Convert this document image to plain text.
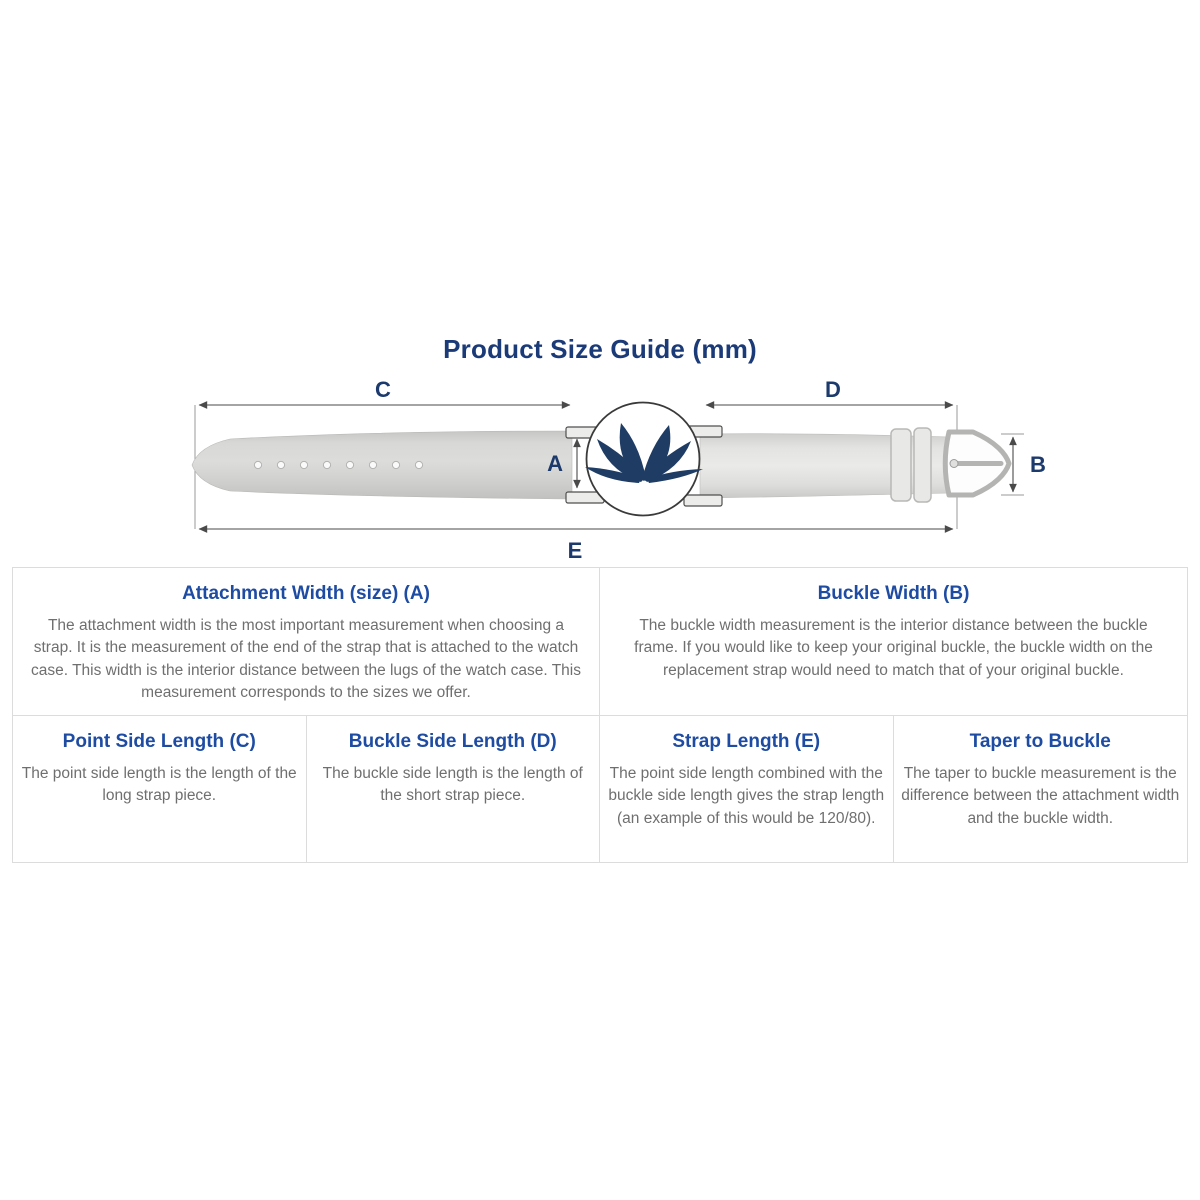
Product Size Guide (mm)
C	D
A	B
E
Attachment Width (size) (A)

The attachment width is the most important measurement when choosing a strap. It is the measurement of the end of the strap that is attached to the watch case. This width is the interior distance between the lugs of the watch case. This measurement corresponds to the sizes we offer.

Buckle Width (B)

The buckle width measurement is the interior distance between the buckle frame. If you would like to keep your original buckle, the buckle width on the replacement strap would need to match that of your original buckle.

Point Side Length (C)

The point side length is the length of the long strap piece.

Buckle Side Length (D)

The buckle side length is the length of the short strap piece.

Strap Length (E)

The point side length combined with the buckle side length gives the strap length (an example of this would be 120/80).

Taper to Buckle

The taper to buckle measurement is the difference between the attachment width and the buckle width.
